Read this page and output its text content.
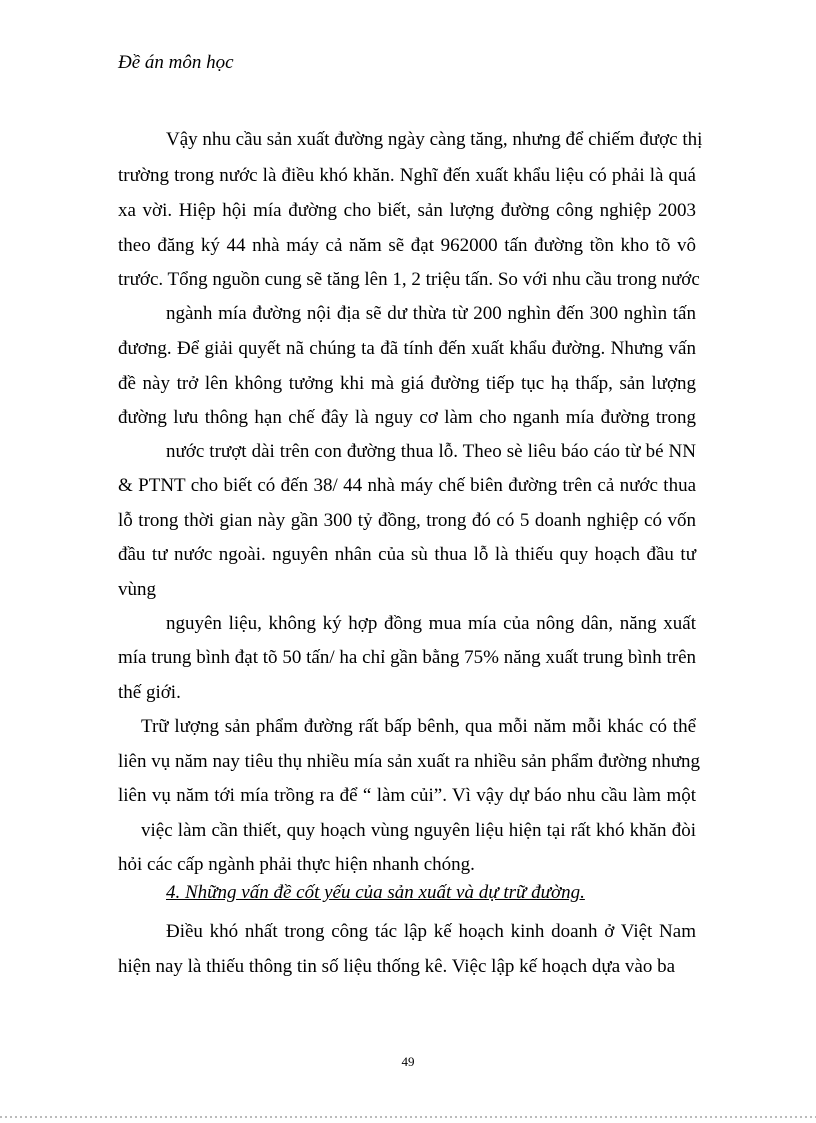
Đề án môn học
Vậy nhu cầu sản xuất đường ngày càng tăng, nhưng để chiếm được thị
trường trong nước là điều khó khăn. Nghĩ đến xuất khẩu liệu có phải là quá
xa vời. Hiệp hội mía đường cho biết, sản lượng đường công nghiệp 2003
theo đăng ký 44 nhà máy cả năm sẽ đạt 962000 tấn đường tồn kho tõ vô
trước. Tổng nguồn cung sẽ tăng lên 1, 2 triệu tấn. So với nhu cầu trong nước
ngành mía đường nội địa sẽ dư thừa từ 200 nghìn đến 300 nghìn tấn
đương. Để giải quyết nã chúng ta đã tính đến xuất khẩu đường. Nhưng vấn
đề này trở lên không tưởng khi mà giá đường tiếp tục hạ thấp, sản lượng
đường lưu thông hạn chế đây là nguy cơ làm cho nganh mía đường trong
nước trượt dài trên con đường thua lỗ. Theo sè liêu báo cáo từ bé NN
& PTNT cho biết có đến 38/ 44 nhà máy chế biên đường trên cả nước thua
lỗ trong thời gian này gần 300 tỷ đồng, trong đó có 5 doanh nghiệp có vốn
đầu tư nước ngoài. nguyên nhân của sù thua lỗ là thiếu quy hoạch đầu tư
vùng
nguyên liệu, không ký hợp đồng mua mía của nông dân, năng xuất
mía trung bình đạt tõ 50 tấn/ ha chỉ gần bằng 75% năng xuất trung bình trên
thế giới.
Trữ lượng sản phẩm đường rất bấp bênh, qua mỗi năm mỗi khác có thể
liên vụ năm nay tiêu thụ nhiều mía sản xuất ra nhiều sản phẩm đường nhưng
liên vụ năm tới mía trồng ra để “ làm củi”. Vì vậy dự báo nhu cầu làm một
việc làm cần thiết, quy hoạch vùng nguyên liệu hiện tại rất khó khăn đòi
hỏi các cấp ngành phải thực hiện nhanh chóng.
4. Những vấn đề cốt yếu của sản xuất và dự trữ đường.
Điều khó nhất trong công tác lập kế hoạch kinh doanh ở Việt Nam
hiện nay là thiếu thông tin số liệu thống kê. Việc lập kế hoạch dựa vào ba
49
